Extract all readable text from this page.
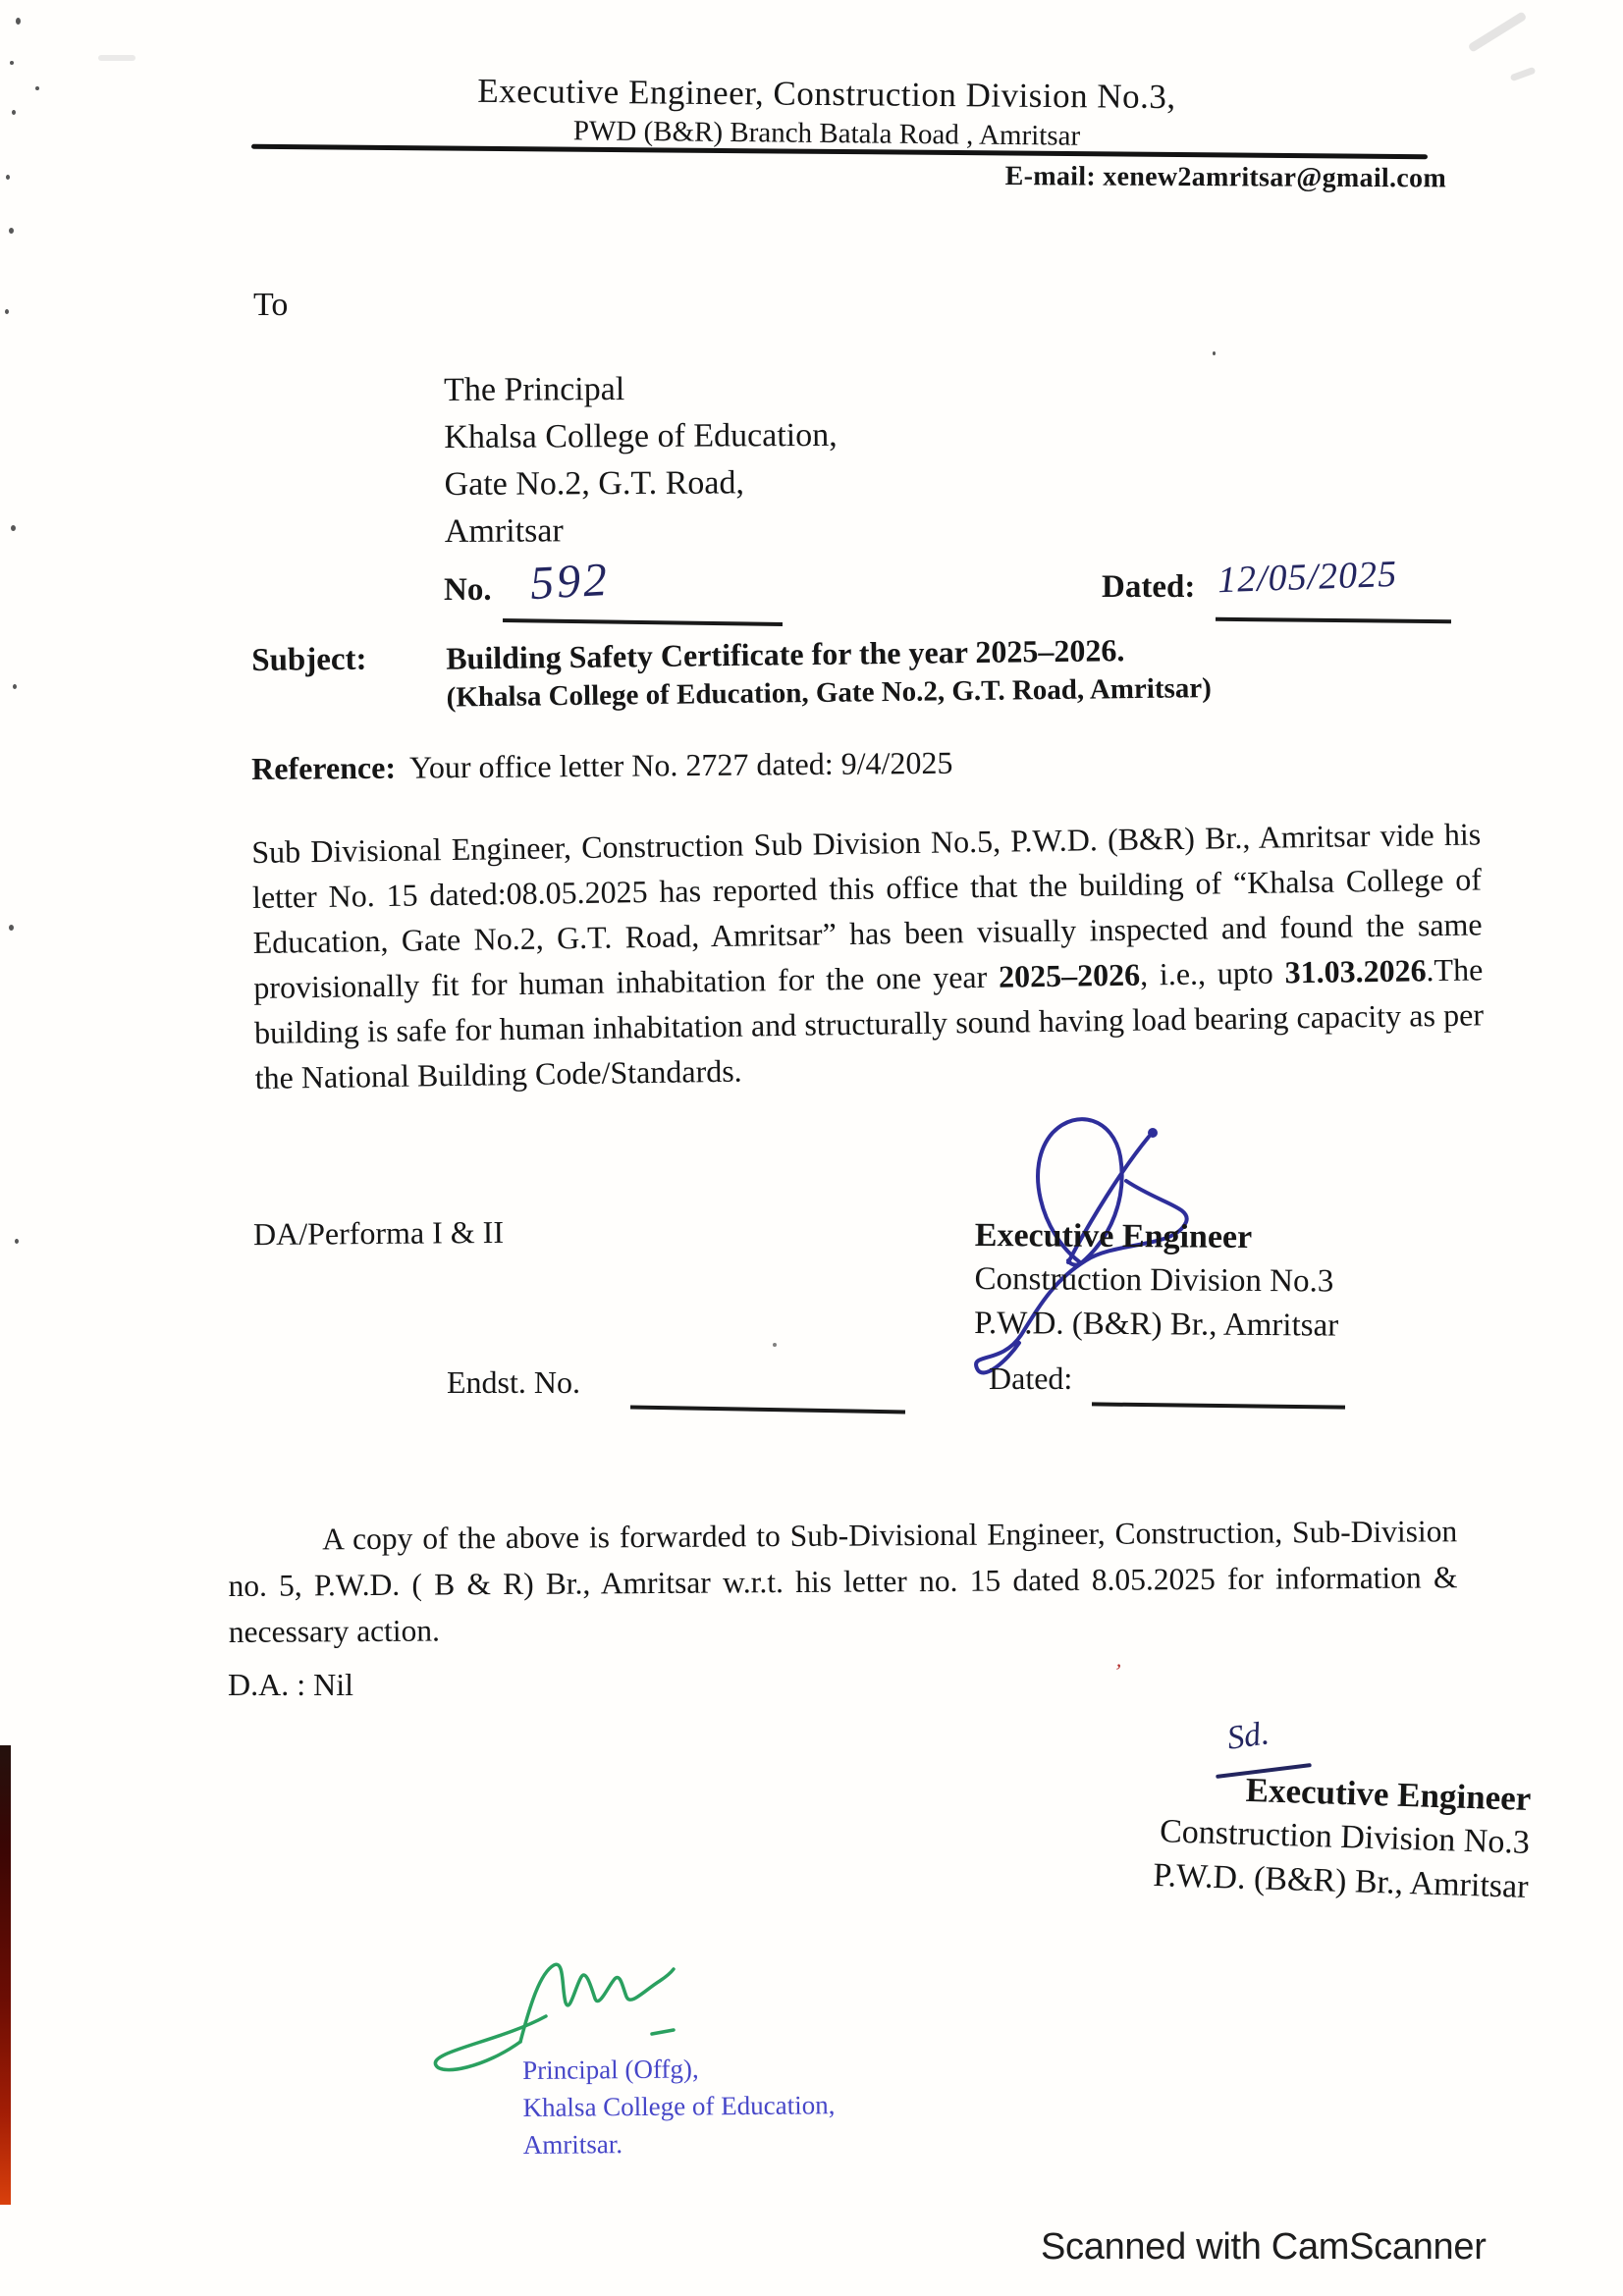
’
Executive Engineer, Construction Division No.3,
PWD (B&R) Branch Batala Road , Amritsar
E-mail: xenew2amritsar@gmail.com
To
The Principal
Khalsa College of Education,
Gate No.2, G.T. Road,
Amritsar
No. 592	Dated: 12/05/2025
Subject:	Building Safety Certificate for the year 2025–2026.
(Khalsa College of Education, Gate No.2, G.T. Road, Amritsar)
Reference: Your office letter No. 2727 dated: 9/4/2025
Sub Divisional Engineer, Construction Sub Division No.5, P.W.D. (B&R) Br., Amritsar vide his letter No. 15 dated:08.05.2025 has reported this office that the building of “Khalsa College of Education, Gate No.2, G.T. Road, Amritsar” has been visually inspected and found the same provisionally fit for human inhabitation for the one year 2025–2026, i.e., upto 31.03.2026.The building is safe for human inhabitation and structurally sound having load bearing capacity as per the National Building Code/Standards.
DA/Performa I & II	Executive Engineer
Construction Division No.3
P.W.D. (B&R) Br., Amritsar
Endst. No.	Dated:
A copy of the above is forwarded to Sub-Divisional Engineer, Construction, Sub-Division no. 5, P.W.D. ( B & R) Br., Amritsar w.r.t. his letter no. 15 dated 8.05.2025 for information & necessary action.
D.A. : Nil
Sd.
Executive Engineer
Construction Division No.3
P.W.D. (B&R) Br., Amritsar
Principal (Offg),
Khalsa College of Education,
Amritsar.
Scanned with CamScanner
